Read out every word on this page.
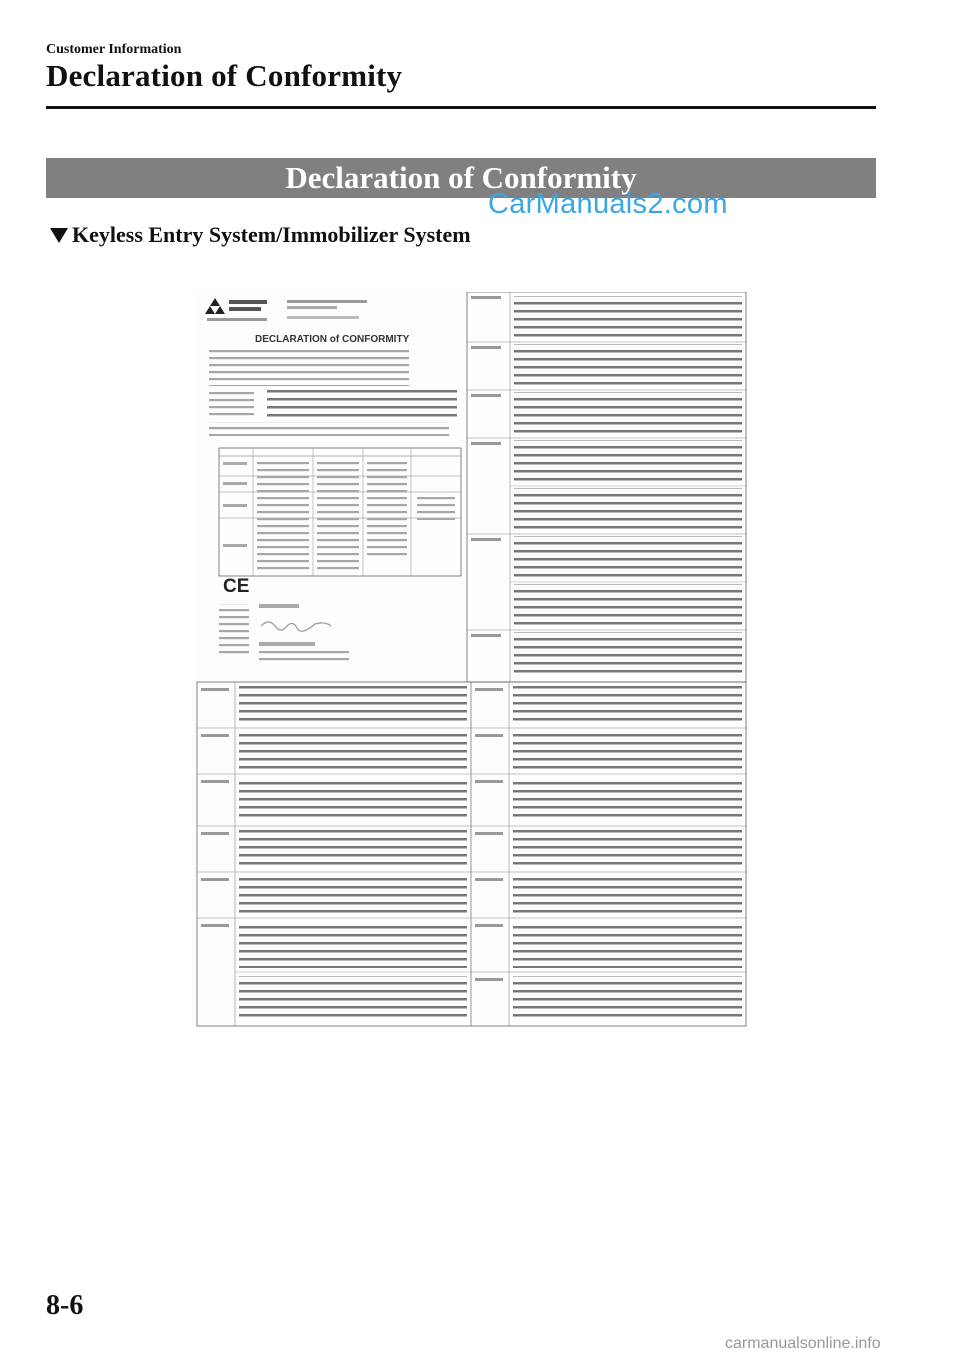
Customer Information
Declaration of Conformity
Declaration of Conformity
CarManuals2.com
Keyless Entry System/Immobilizer System
DECLARATION of CONFORMITY
CE
8-6
carmanualsonline.info
